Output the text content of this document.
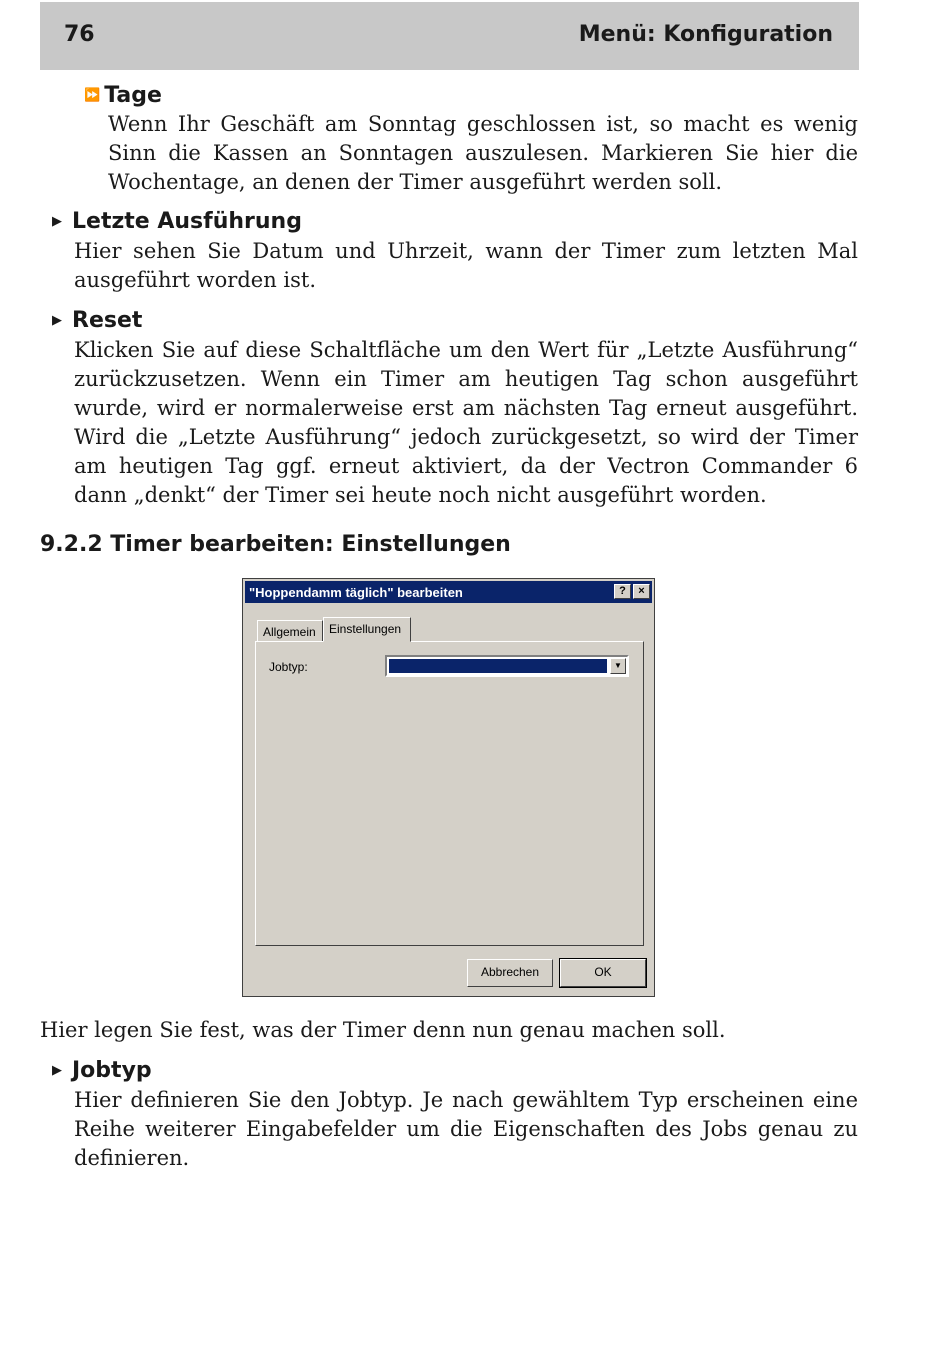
76	Menü: Konfiguration
⏩ Tage
Wenn Ihr Geschäft am Sonntag geschlossen ist, so macht es wenig Sinn die Kassen an Sonntagen auszulesen. Markieren Sie hier die Wochentage, an denen der Timer ausgeführt werden soll.
▶ Letzte Ausführung
Hier sehen Sie Datum und Uhrzeit, wann der Timer zum letzten Mal ausgeführt worden ist.
▶ Reset
Klicken Sie auf diese Schaltfläche um den Wert für „Letzte Ausführung“ zurückzusetzen. Wenn ein Timer am heutigen Tag schon ausgeführt wurde, wird er normalerweise erst am nächsten Tag erneut ausgeführt. Wird die „Letzte Ausführung“ jedoch zurückgesetzt, so wird der Timer am heutigen Tag ggf. erneut aktiviert, da der Vectron Commander 6 dann „denkt“ der Timer sei heute noch nicht ausgeführt worden.
9.2.2 Timer bearbeiten: Einstellungen
"Hoppendamm täglich" bearbeiten	?	×
Allgemein	Einstellungen
Jobtyp:	▼
Abbrechen	OK
Hier legen Sie fest, was der Timer denn nun genau machen soll.
▶ Jobtyp
Hier definieren Sie den Jobtyp. Je nach gewähltem Typ erscheinen eine Reihe weiterer Eingabefelder um die Eigenschaften des Jobs genau zu definieren.
